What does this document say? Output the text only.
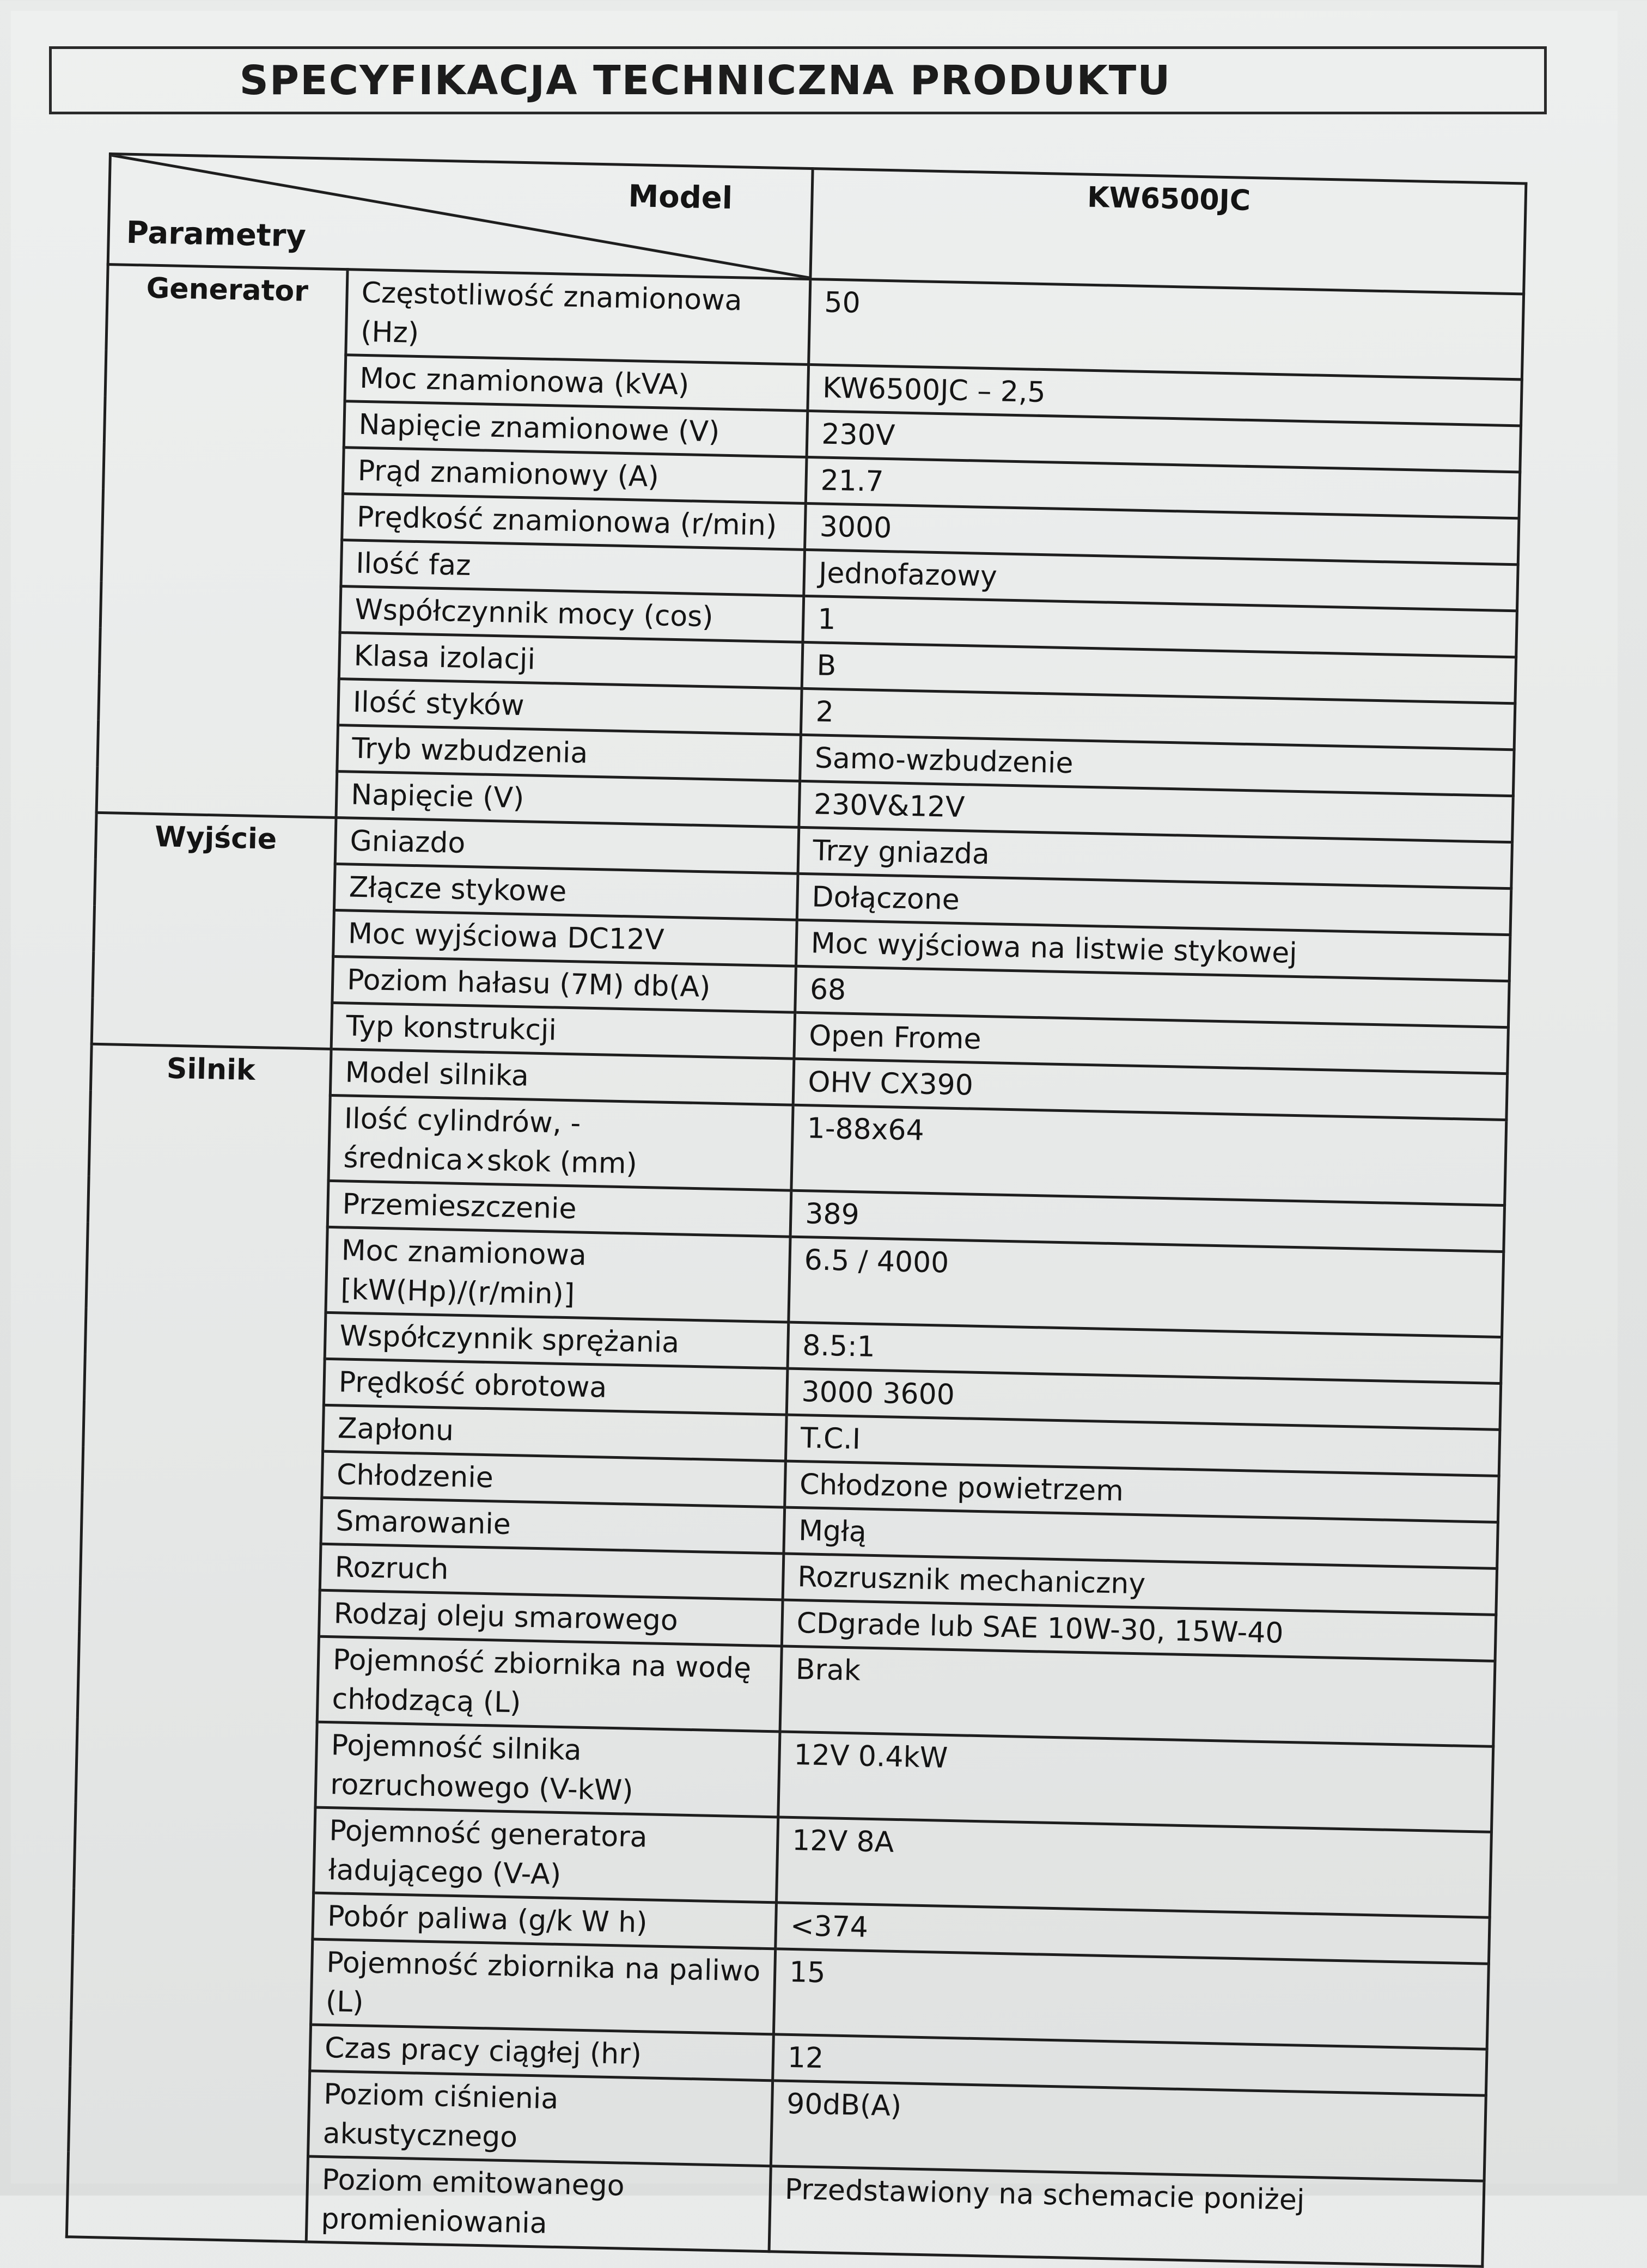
SPECYFIKACJA TECHNICZNA PRODUKTU
Parametry
Model		KW6500JC
Generator	Częstotliwość znamionowa (Hz)	50
	Moc znamionowa (kVA)	KW6500JC – 2,5
	Napięcie znamionowe (V)	230V
	Prąd znamionowy (A)	21.7
	Prędkość znamionowa (r/min)	3000
	Ilość faz	Jednofazowy
	Współczynnik mocy (cos)	1
	Klasa izolacji	B
	Ilość styków	2
	Tryb wzbudzenia	Samo-wzbudzenie
	Napięcie (V)	230V&12V
Wyjście	Gniazdo	Trzy gniazda
	Złącze stykowe	Dołączone
	Moc wyjściowa DC12V	Moc wyjściowa na listwie stykowej
	Poziom hałasu (7M) db(A)	68
	Typ konstrukcji	Open Frome
Silnik	Model silnika	OHV CX390
	Ilość cylindrów, - średnica×skok (mm)	1-88x64
	Przemieszczenie	389
	Moc znamionowa [kW(Hp)/(r/min)]	6.5 / 4000
	Współczynnik sprężania	8.5:1
	Prędkość obrotowa	3000 3600
	Zapłonu	T.C.I
	Chłodzenie	Chłodzone powietrzem
	Smarowanie	Mgłą
	Rozruch	Rozrusznik mechaniczny
	Rodzaj oleju smarowego	CDgrade lub SAE 10W-30, 15W-40
	Pojemność zbiornika na wodę chłodzącą (L)	Brak
	Pojemność silnika rozruchowego (V-kW)	12V 0.4kW
	Pojemność generatora ładującego (V-A)	12V 8A
	Pobór paliwa (g/k W h)	<374
	Pojemność zbiornika na paliwo (L)	15
	Czas pracy ciągłej (hr)	12
	Poziom ciśnienia akustycznego	90dB(A)
	Poziom emitowanego promieniowania	Przedstawiony na schemacie poniżej
